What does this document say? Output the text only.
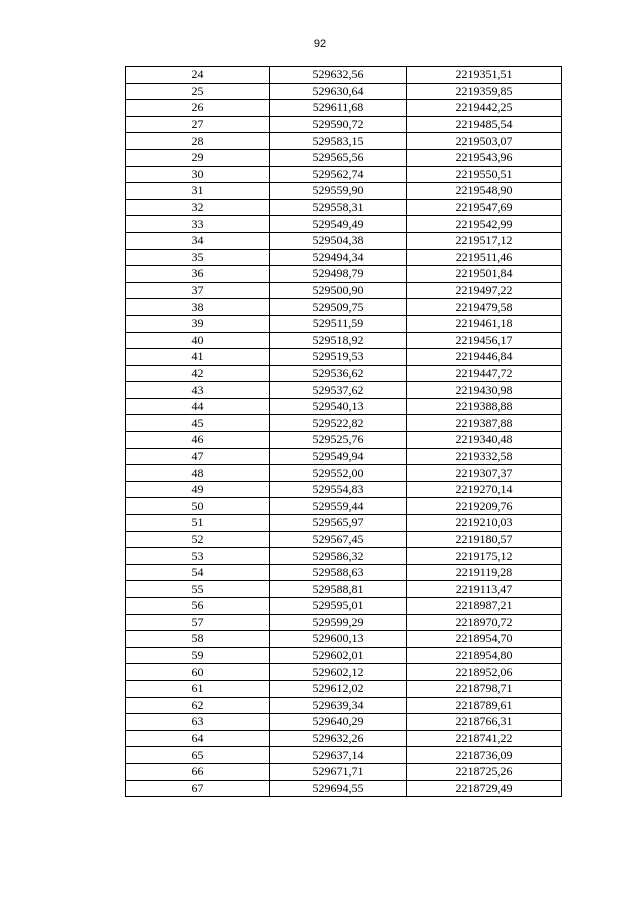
92
24	529632,56	2219351,51
25	529630,64	2219359,85
26	529611,68	2219442,25
27	529590,72	2219485,54
28	529583,15	2219503,07
29	529565,56	2219543,96
30	529562,74	2219550,51
31	529559,90	2219548,90
32	529558,31	2219547,69
33	529549,49	2219542,99
34	529504,38	2219517,12
35	529494,34	2219511,46
36	529498,79	2219501,84
37	529500,90	2219497,22
38	529509,75	2219479,58
39	529511,59	2219461,18
40	529518,92	2219456,17
41	529519,53	2219446,84
42	529536,62	2219447,72
43	529537,62	2219430,98
44	529540,13	2219388,88
45	529522,82	2219387,88
46	529525,76	2219340,48
47	529549,94	2219332,58
48	529552,00	2219307,37
49	529554,83	2219270,14
50	529559,44	2219209,76
51	529565,97	2219210,03
52	529567,45	2219180,57
53	529586,32	2219175,12
54	529588,63	2219119,28
55	529588,81	2219113,47
56	529595,01	2218987,21
57	529599,29	2218970,72
58	529600,13	2218954,70
59	529602,01	2218954,80
60	529602,12	2218952,06
61	529612,02	2218798,71
62	529639,34	2218789,61
63	529640,29	2218766,31
64	529632,26	2218741,22
65	529637,14	2218736,09
66	529671,71	2218725,26
67	529694,55	2218729,49
